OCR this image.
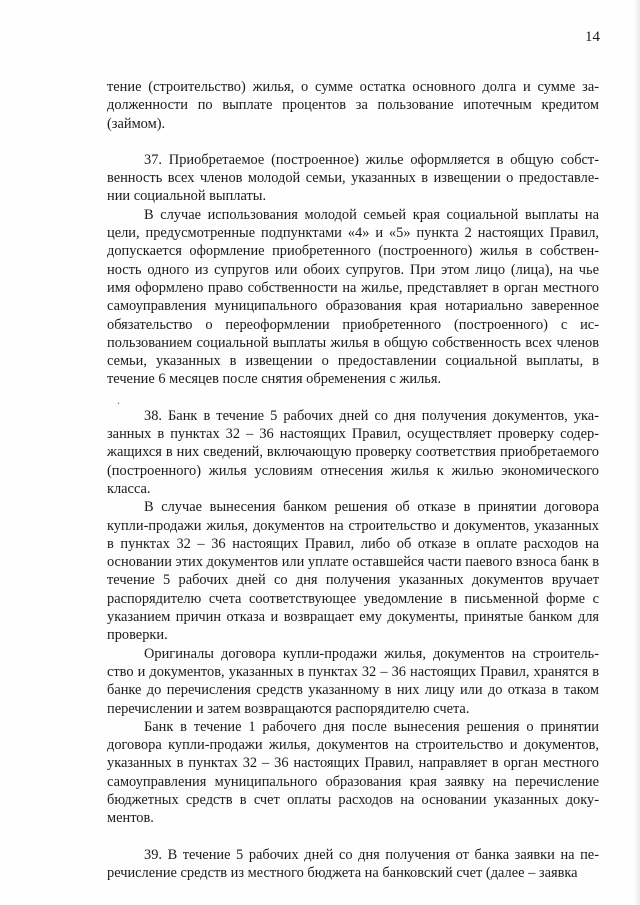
14
.

тение (строительство) жилья, о сумме остатка основного долга и сумме задолженности по выплате процентов за пользование ипотечным кредитом (займом).

37. Приобретаемое (построенное) жилье оформляется в общую собственность всех членов молодой семьи, указанных в извещении о предоставлении социальной выплаты.

В случае использования молодой семьей края социальной выплаты на цели, предусмотренные подпунктами «4» и «5» пункта 2 настоящих Правил, допускается оформление приобретенного (построенного) жилья в собственность одного из супругов или обоих супругов. При этом лицо (лица), на чье имя оформлено право собственности на жилье, представляет в орган местного самоуправления муниципального образования края нотариально заверенное обязательство о переоформлении приобретенного (построенного) с использованием социальной выплаты жилья в общую собственность всех членов семьи, указанных в извещении о предоставлении социальной выплаты, в течение 6 месяцев после снятия обременения с жилья.

38. Банк в течение 5 рабочих дней со дня получения документов, указанных в пунктах 32 – 36 настоящих Правил, осуществляет проверку содержащихся в них сведений, включающую проверку соответствия приобретаемого (построенного) жилья условиям отнесения жилья к жилью экономического класса.

В случае вынесения банком решения об отказе в принятии договора купли-продажи жилья, документов на строительство и документов, указанных в пунктах 32 – 36 настоящих Правил, либо об отказе в оплате расходов на основании этих документов или уплате оставшейся части паевого взноса банк в течение 5 рабочих дней со дня получения указанных документов вручает распорядителю счета соответствующее уведомление в письменной форме с указанием причин отказа и возвращает ему документы, принятые банком для проверки.

Оригиналы договора купли-продажи жилья, документов на строительство и документов, указанных в пунктах 32 – 36 настоящих Правил, хранятся в банке до перечисления средств указанному в них лицу или до отказа в таком перечислении и затем возвращаются распорядителю счета.

Банк в течение 1 рабочего дня после вынесения решения о принятии договора купли-продажи жилья, документов на строительство и документов, указанных в пунктах 32 – 36 настоящих Правил, направляет в орган местного самоуправления муниципального образования края заявку на перечисление бюджетных средств в счет оплаты расходов на основании указанных документов.

39. В течение 5 рабочих дней со дня получения от банка заявки на перечисление средств из местного бюджета на банковский счет (далее – заявка
